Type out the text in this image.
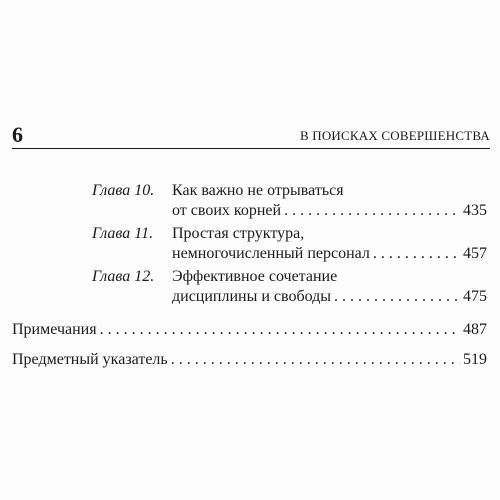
6	В ПОИСКАХ СОВЕРШЕНСТВА
Глава 10. Как важно не отрываться
от своих корней . . .	435
Глава 11. Простая структура,
немногочисленный персонал . . .	457
Глава 12. Эффективное сочетание
дисциплины и свободы . . .	475
Примечания . . .	487
Предметный указатель . . .	519
